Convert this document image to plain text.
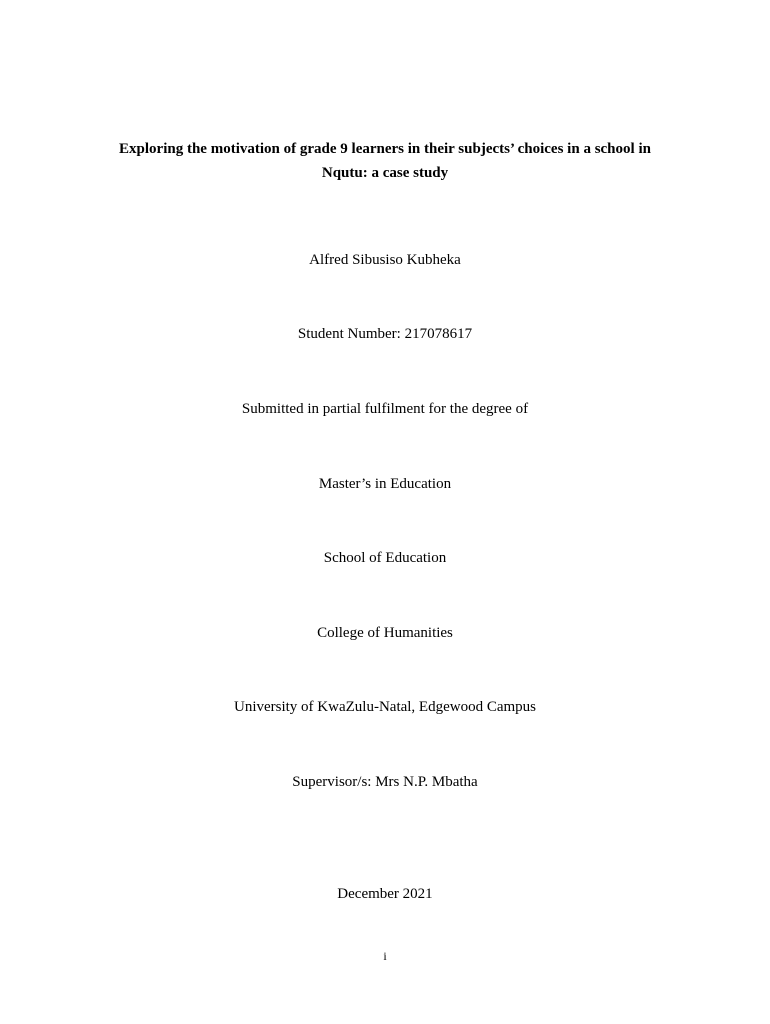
Exploring the motivation of grade 9 learners in their subjects’ choices in a school in
Nqutu: a case study

Alfred Sibusiso Kubheka

Student Number: 217078617

Submitted in partial fulfilment for the degree of

Master’s in Education

School of Education

College of Humanities

University of KwaZulu-Natal, Edgewood Campus

Supervisor/s: Mrs N.P. Mbatha

December 2021

i
